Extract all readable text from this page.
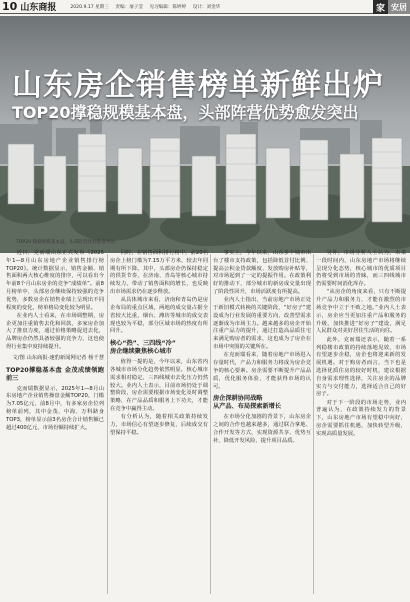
10 山东商报	2020.9.17 星期三 责编：屠子莹 见习编辑：陈婷婷 设计：刘金华	家 安居
山东房企销售榜单新鲜出炉
TOP20撑稳规模基本盘，头部阵营优势愈发突出
TOP20 撑稳规模基本盘，头部阵营优势愈发突出

近日，克而瑞山东正式发布《2025年1—8月山东房地产企业销售排行榜TOP20》。统计数据显示，销售金额、销售面积两大核心维度的排序，可以看出今年前8个月山东房企的竞争“成绩单”。前8月榜单中，头部房企继续保持较强的竞争优势，多数房企在销售业绩上呈现出不同程度的变化，榜单格局变化较为明显。

在业内人士看来，在市场调整期，房企更加注重销售去化和回款，多家房企加大了推盘力度，通过价格策略促进去化，品牌房企仍然具备较强的竞争力，这也使得行业集中度持续提升。

文/图 山东商报·速豹新闻网记者 杨千慧
TOP20撑稳基本盘 金茂成绩领跑前三

克而瑞数据显示，2025年1—8月山东房地产企业销售操盘金额TOP20，门槛为7.05亿元，前8月中，有多家房企位列榜单前列，其中金茂、中海、万科跻身TOP3，榜单显示前3名房企合计销售额已超过400亿元，市场份额持续扩大。

同时，在销售面积排行榜中，前20名房企上榜门槛为7.15万平方米，较去年同期有所下降。其中，头部房企仍保持稳定的供货节奏，在济南、青岛等核心城市持续发力，带动了销售面积的增长，也反映出市场需求仍在逐步释放。

从具体城市来看，济南和青岛仍是房企布局的重点区域，两地的成交量占据全省较大比重，烟台、潍坊等城市的成交表现也较为平稳，部分区域市场的热度有所回升。

核心“热”、三四线“冷”
房企继续聚焦核心城市

值得一提的是，今年以来，山东省内各城市市场分化趋势依然明显，核心城市需求相对稳定，三四线城市去化压力仍然较大。业内人士表示，目前市场仍处于调整阶段，房企需要根据市场变化及时调整策略，在产品品质和服务上下功夫，才能在竞争中赢得主动。

有分析认为，随着相关政策持续发力，市场信心有望逐步修复，后续成交有望保持平稳。

事实上，今年以来，山东多个城市出台了楼市支持政策，包括降低首付比例、提高公积金贷款额度、发放购房补贴等，对市场起到了一定的提振作用。在政策利好的推动下，部分城市的新房成交量出现了阶段性回升，市场活跃度有所提高。

业内人士指出，当前房地产市场正处于新旧模式转换的关键阶段，“好房子”建设成为行业发展的重要方向，改善型需求逐渐成为市场主力。越来越多的房企开始注重产品力的提升，通过打造高品质住宅来满足购房者的需求，这也成为了房企在市场中突围的关键所在。

在克而瑞看来，随着房地产市场进入存量时代，产品力和服务力将成为房企竞争的核心要素。房企需要不断提升产品品质，优化服务体验，才能获得市场的认可。

房企深耕协同战略
从产品、布局探索新增长

在市场分化加剧的背景下，山东房企之间的合作也越来越多，通过联合拿地、合作开发等方式，实现资源共享、优势互补，降低开发风险，提升项目品质。

另外，市场分析人士认为，未来一段时间内，山东房地产市场将继续呈现分化态势，核心城市的优质项目仍将受到市场的青睐，而三四线城市仍需要时间消化库存。

“从房企的角度来看，只有不断提升产品力和服务力，才能在激烈的市场竞争中立于不败之地。”业内人士表示，房企应当更加注重产品和服务的升级，加快推进“好房子”建设，满足人民群众对美好居住生活的向往。

此外，克而瑞还表示，随着一系列稳楼市政策的持续落地见效，市场有望逐步企稳，房企也将迎来新的发展机遇。对于购房者而言，当下也是选择优质住房的较好时机，建议根据自身需求理性选择，关注房企的品牌实力与交付能力，选择适合自己的好房子。

对于下一阶段的市场走势，业内普遍认为，在政策持续发力的背景下，山东房地产市场有望稳中向好，房企需要抓住机遇，加快转型升级，实现高质量发展。
